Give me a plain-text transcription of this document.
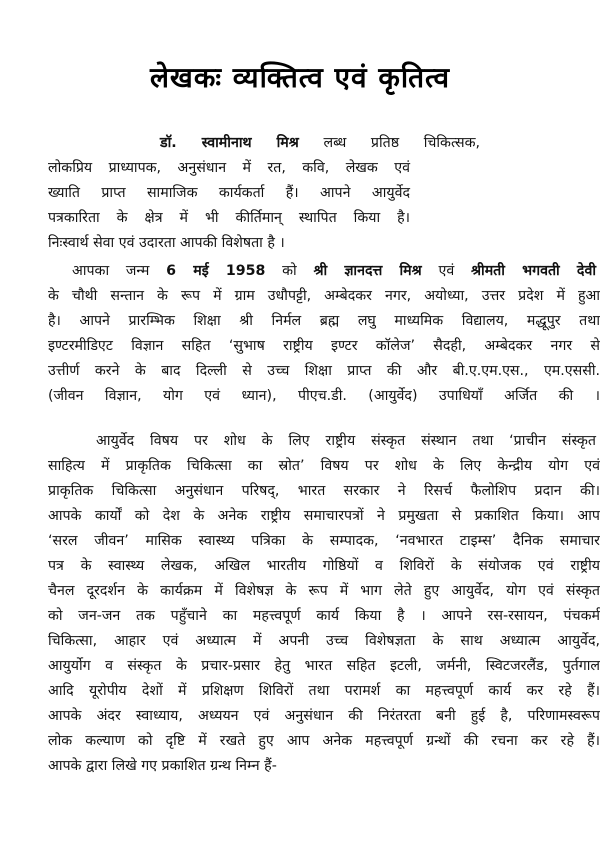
लेखकः व्यक्तित्व एवं कृतित्व
डॉ. स्वामीनाथ मिश्र लब्ध प्रतिष्ठ चिकित्सक,
लोकप्रिय प्राध्यापक, अनुसंधान में रत, कवि, लेखक एवं
ख्याति प्राप्त सामाजिक कार्यकर्ता हैं। आपने आयुर्वेद
पत्रकारिता के क्षेत्र में भी कीर्तिमान् स्थापित किया है।
निःस्वार्थ सेवा एवं उदारता आपकी विशेषता है ।
आपका जन्म 6 मई 1958 को श्री ज्ञानदत्त मिश्र एवं श्रीमती भगवती देवी
के चौथी सन्तान के रूप में ग्राम उधौपट्टी, अम्बेदकर नगर, अयोध्या, उत्तर प्रदेश में हुआ
है। आपने प्रारम्भिक शिक्षा श्री निर्मल ब्रह्म लघु माध्यमिक विद्यालय, मद्धूपुर तथा
इण्टरमीडिएट विज्ञान सहित ‘सुभाष राष्ट्रीय इण्टर कॉलेज’ सैदही, अम्बेदकर नगर से
उत्तीर्ण करने के बाद दिल्ली से उच्च शिक्षा प्राप्त की और बी.ए.एम.एस., एम.एससी.
(जीवन विज्ञान, योग एवं ध्यान), पीएच.डी. (आयुर्वेद) उपाधियाँ अर्जित की ।
आयुर्वेद विषय पर शोध के लिए राष्ट्रीय संस्कृत संस्थान तथा ‘प्राचीन संस्कृत
साहित्य में प्राकृतिक चिकित्सा का स्रोत’ विषय पर शोध के लिए केन्द्रीय योग एवं
प्राकृतिक चिकित्सा अनुसंधान परिषद्, भारत सरकार ने रिसर्च फैलोशिप प्रदान की।
आपके कार्यों को देश के अनेक राष्ट्रीय समाचारपत्रों ने प्रमुखता से प्रकाशित किया। आप
‘सरल जीवन’ मासिक स्वास्थ्य पत्रिका के सम्पादक, ‘नवभारत टाइम्स’ दैनिक समाचार
पत्र के स्वास्थ्य लेखक, अखिल भारतीय गोष्ठियों व शिविरों के संयोजक एवं राष्ट्रीय
चैनल दूरदर्शन के कार्यक्रम में विशेषज्ञ के रूप में भाग लेते हुए आयुर्वेद, योग एवं संस्कृत
को जन-जन तक पहुँचाने का महत्त्वपूर्ण कार्य किया है । आपने रस-रसायन, पंचकर्म
चिकित्सा, आहार एवं अध्यात्म में अपनी उच्च विशेषज्ञता के साथ अध्यात्म आयुर्वेद,
आयुर्योग व संस्कृत के प्रचार-प्रसार हेतु भारत सहित इटली, जर्मनी, स्विटजरलैंड, पुर्तगाल
आदि यूरोपीय देशों में प्रशिक्षण शिविरों तथा परामर्श का महत्त्वपूर्ण कार्य कर रहे हैं।
आपके अंदर स्वाध्याय, अध्ययन एवं अनुसंधान की निरंतरता बनी हुई है, परिणामस्वरूप
लोक कल्याण को दृष्टि में रखते हुए आप अनेक महत्त्वपूर्ण ग्रन्थों की रचना कर रहे हैं।
आपके द्वारा लिखे गए प्रकाशित ग्रन्थ निम्न हैं-
